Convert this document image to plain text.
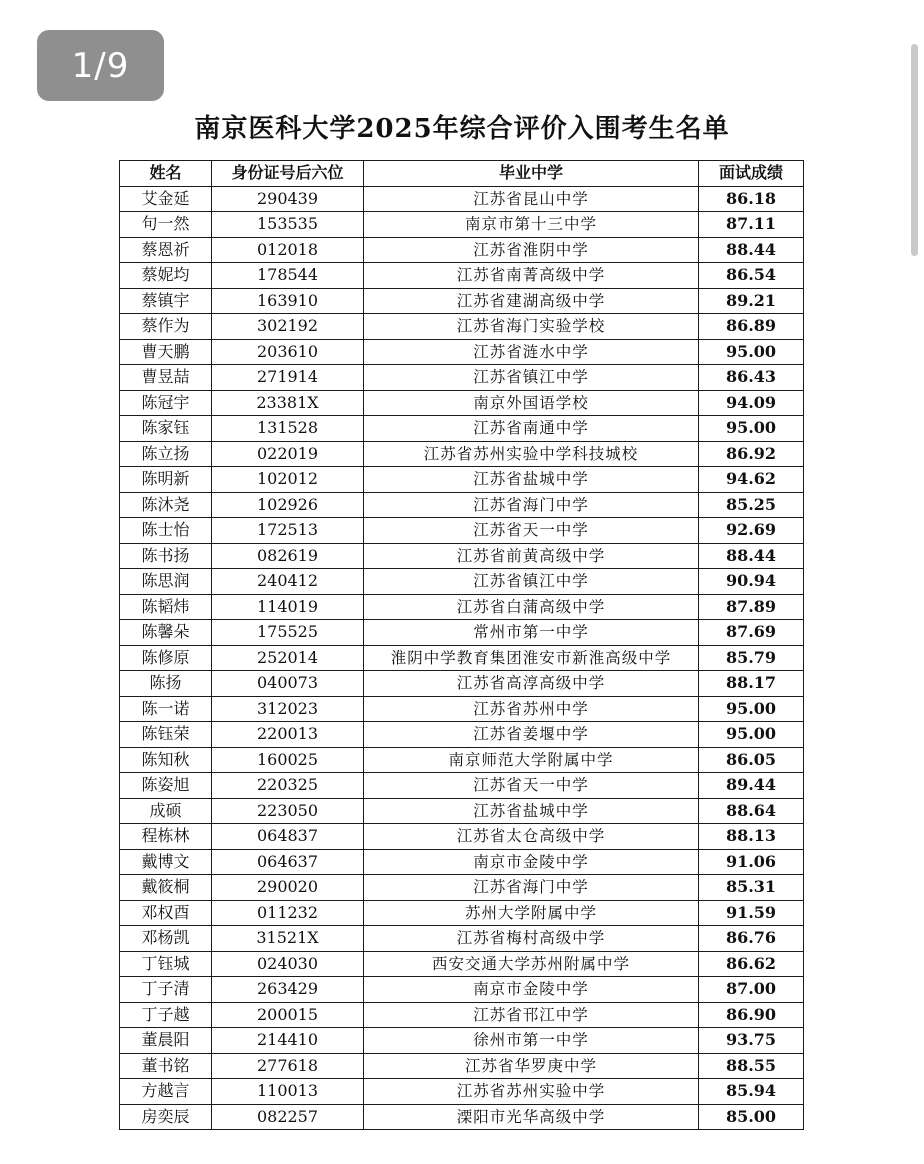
1/9
南京医科大学2025年综合评价入围考生名单
姓名	身份证号后六位	毕业中学	面试成绩
艾金延	290439	江苏省昆山中学	86.18
句一然	153535	南京市第十三中学	87.11
蔡恩祈	012018	江苏省淮阴中学	88.44
蔡妮均	178544	江苏省南菁高级中学	86.54
蔡镇宇	163910	江苏省建湖高级中学	89.21
蔡作为	302192	江苏省海门实验学校	86.89
曹天鹏	203610	江苏省涟水中学	95.00
曹昱喆	271914	江苏省镇江中学	86.43
陈冠宇	23381X	南京外国语学校	94.09
陈家钰	131528	江苏省南通中学	95.00
陈立扬	022019	江苏省苏州实验中学科技城校	86.92
陈明新	102012	江苏省盐城中学	94.62
陈沐尧	102926	江苏省海门中学	85.25
陈士怡	172513	江苏省天一中学	92.69
陈书扬	082619	江苏省前黄高级中学	88.44
陈思润	240412	江苏省镇江中学	90.94
陈韬炜	114019	江苏省白蒲高级中学	87.89
陈馨朵	175525	常州市第一中学	87.69
陈修原	252014	淮阴中学教育集团淮安市新淮高级中学	85.79
陈扬	040073	江苏省高淳高级中学	88.17
陈一诺	312023	江苏省苏州中学	95.00
陈钰荣	220013	江苏省姜堰中学	95.00
陈知秋	160025	南京师范大学附属中学	86.05
陈姿旭	220325	江苏省天一中学	89.44
成硕	223050	江苏省盐城中学	88.64
程栋林	064837	江苏省太仓高级中学	88.13
戴博文	064637	南京市金陵中学	91.06
戴筱桐	290020	江苏省海门中学	85.31
邓权酉	011232	苏州大学附属中学	91.59
邓杨凯	31521X	江苏省梅村高级中学	86.76
丁钰城	024030	西安交通大学苏州附属中学	86.62
丁子清	263429	南京市金陵中学	87.00
丁子越	200015	江苏省邗江中学	86.90
董晨阳	214410	徐州市第一中学	93.75
董书铭	277618	江苏省华罗庚中学	88.55
方越言	110013	江苏省苏州实验中学	85.94
房奕辰	082257	溧阳市光华高级中学	85.00
